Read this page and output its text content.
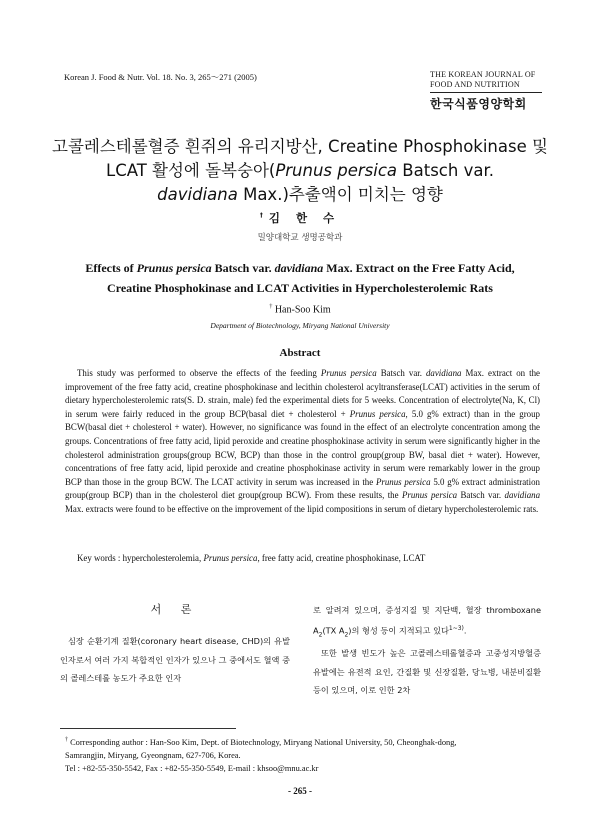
Korean J. Food & Nutr. Vol. 18. No. 3, 265～271 (2005)	THE KOREAN JOURNAL OF
FOOD AND NUTRITION
한국식품영양학회
고콜레스테롤혈증 흰쥐의 유리지방산, Creatine Phosphokinase 및
LCAT 활성에 돌복숭아(Prunus persica Batsch var.
davidiana Max.)추출액이 미치는 영향
†김 한 수
밀양대학교 생명공학과
Effects of Prunus persica Batsch var. davidiana Max. Extract on the Free Fatty Acid,
Creatine Phosphokinase and LCAT Activities in Hypercholesterolemic Rats
† Han-Soo Kim
Department of Biotechnology, Miryang National University
Abstract
This study was performed to observe the effects of the feeding Prunus persica Batsch var. davidiana Max. extract on the improvement of the free fatty acid, creatine phosphokinase and lecithin cholesterol acyltransferase(LCAT) activities in the serum of dietary hypercholesterolemic rats(S. D. strain, male) fed the experimental diets for 5 weeks. Concentration of electrolyte(Na, K, Cl) in serum were fairly reduced in the group BCP(basal diet + cholesterol + Prunus persica, 5.0 g% extract) than in the group BCW(basal diet + cholesterol + water). However, no significance was found in the effect of an electrolyte concentration among the groups. Concentrations of free fatty acid, lipid peroxide and creatine phosphokinase activity in serum were significantly higher in the cholesterol administration groups(group BCW, BCP) than those in the control group(group BW, basal diet + water). However, concentrations of free fatty acid, lipid peroxide and creatine phosphokinase activity in serum were remarkably lower in the group BCP than those in the group BCW. The LCAT activity in serum was increased in the Prunus persica 5.0 g% extract administration group(group BCP) than in the cholesterol diet group(group BCW). From these results, the Prunus persica Batsch var. davidiana Max. extracts were found to be effective on the improvement of the lipid compositions in serum of dietary hypercholesterolemic rats.
Key words : hypercholesterolemia, Prunus persica, free fatty acid, creatine phosphokinase, LCAT
서 론
심장 순환기계 질환(coronary heart disease, CHD)의 유발인자로서 여러 가지 복합적인 인자가 있으나 그 중에서도 혈액 중의 콜레스테롤 농도가 주요한 인자

로 알려져 있으며, 증성지질 및 지단백, 혈장 thromboxane $A_2(TX$ $A_2$)의 형성 등이 지적되고 있다$^{1\sim 3)}$.

또한 발생 빈도가 높은 고콜레스테롤혈증과 고중성지방혈증 유발에는 유전적 요인, 간질환 및 신장질환, 당뇨병, 내분비질환 등이 있으며, 이로 인한 2차

† Corresponding author : Han-Soo Kim, Dept. of Biotechnology, Miryang National University, 50, Cheonghak-dong,
Samrangjin, Miryang, Gyeongnam, 627-706, Korea.
Tel : +82-55-350-5542, Fax : +82-55-350-5549, E-mail : khsoo@mnu.ac.kr
- 265 -
